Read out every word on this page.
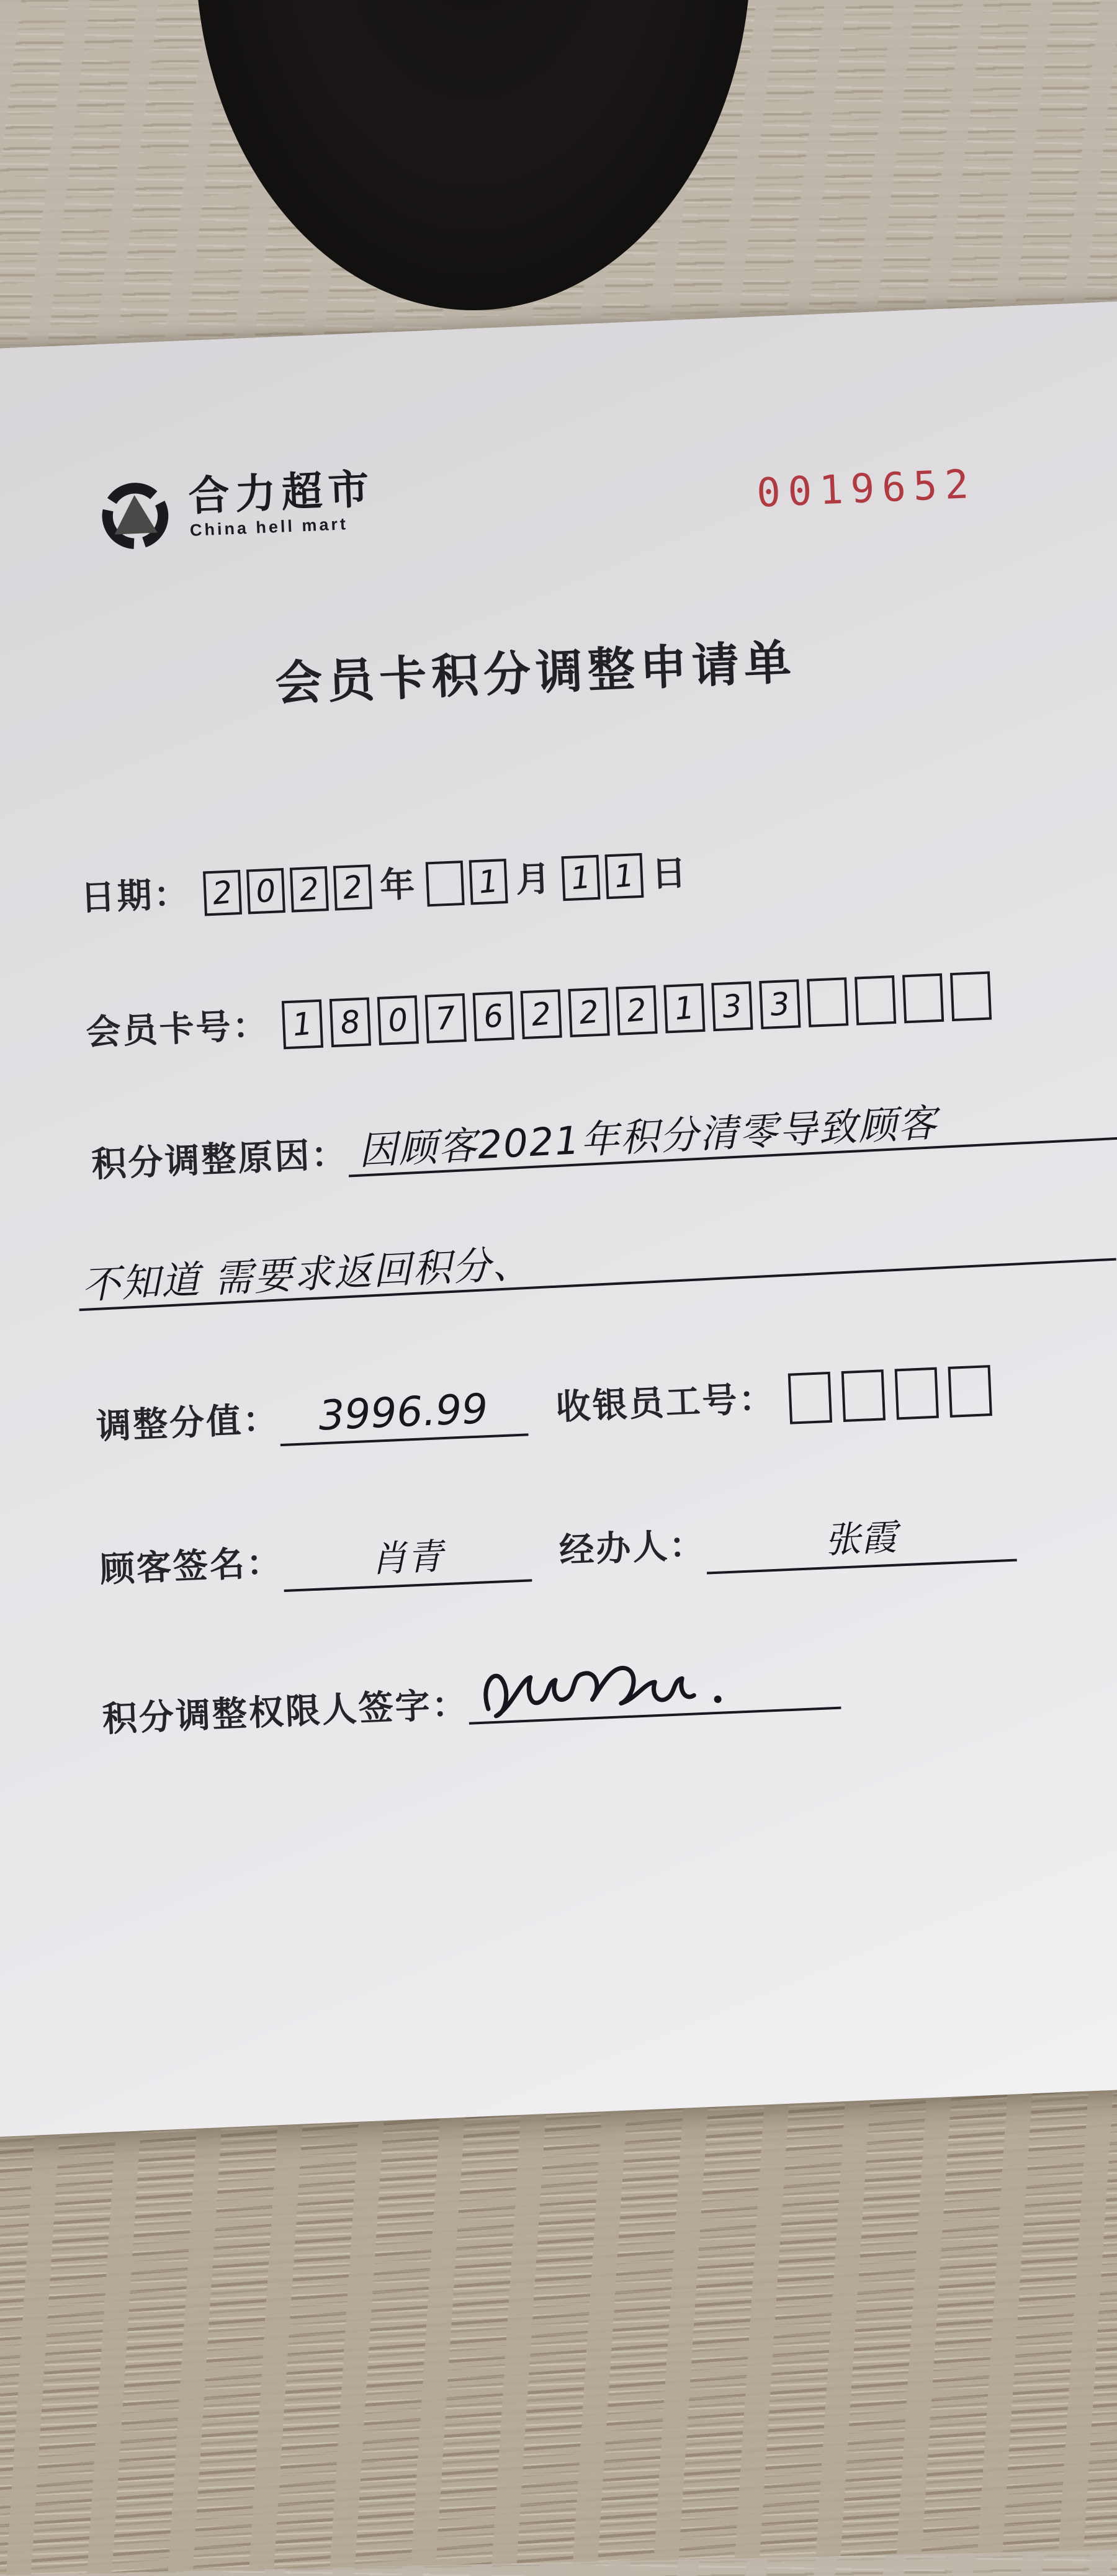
合力超市
China hell mart
0019652
会员卡积分调整申请单
日期： 2 0 2 2 年 1 月 1 1 日
会员卡号： 1 8 0 7 6 2 2 2 1 3 3
积分调整原因： 因顾客2021年积分清零导致顾客
不知道 需要求返回积分、
调整分值： 3996.99	收银员工号：
顾客签名：	肖青	经办人：	张霞
积分调整权限人签字：
